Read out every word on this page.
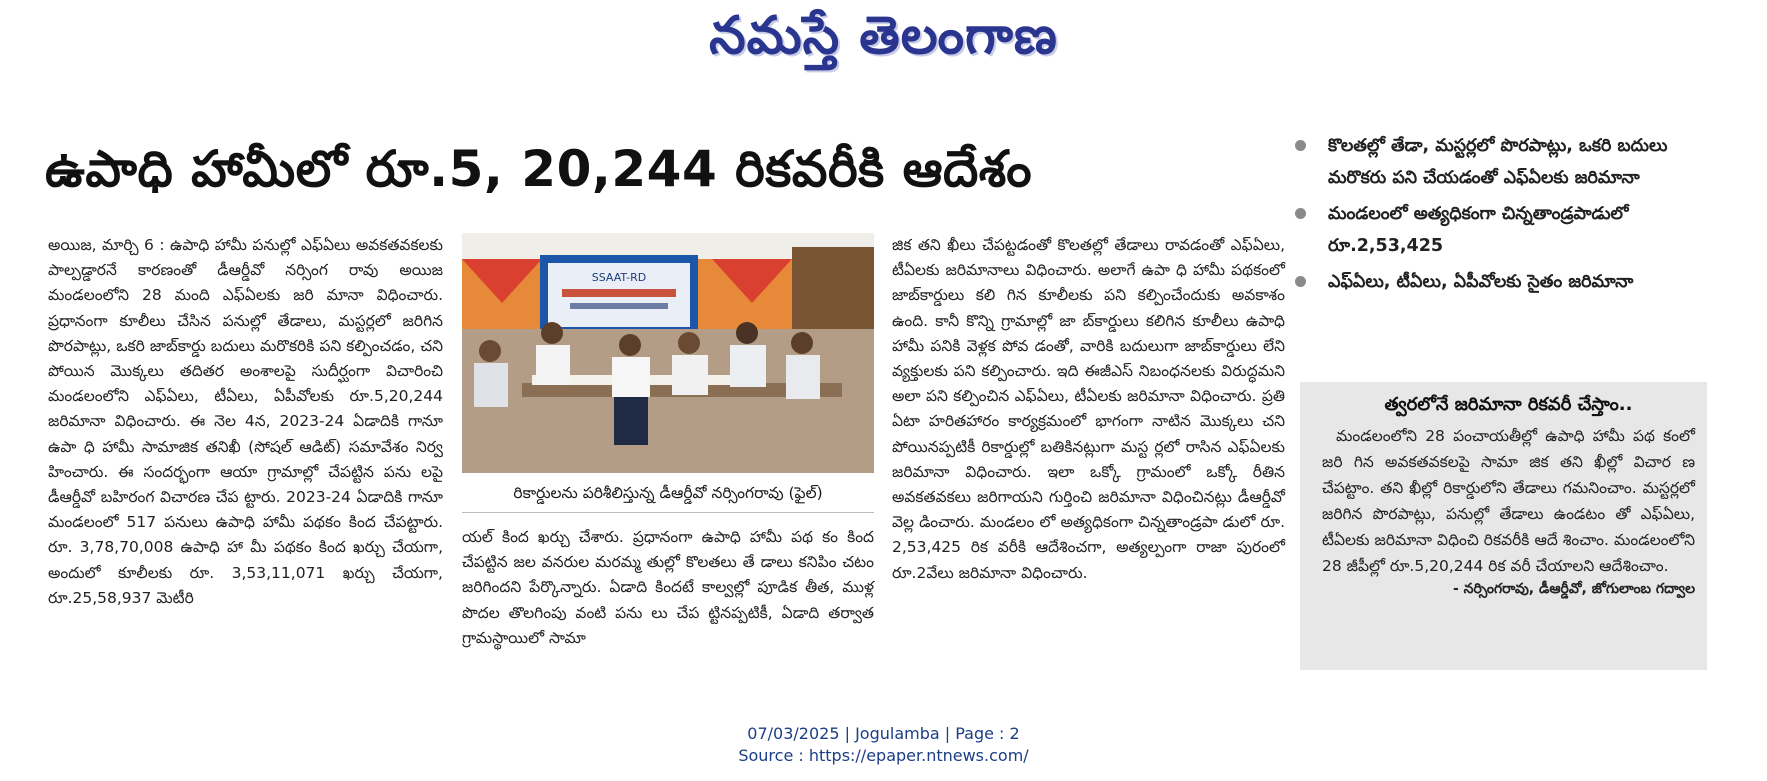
నమస్తే తెలంగాణ
ఉపాధి హామీలో రూ.5, 20,244 రికవరీకి ఆదేశం
అయిజ, మార్చి 6 : ఉపాధి హామీ పనుల్లో ఎఫ్ఏలు అవకతవకలకు పాల్పడ్డారనే కారణంతో డీఆర్డీవో నర్సింగ రావు అయిజ మండలంలోని 28 మంది ఎఫ్ఏలకు జరి మానా విధించారు. ప్రధానంగా కూలీలు చేసిన పనుల్లో తేడాలు, మస్టర్లలో జరిగిన పొరపాట్లు, ఒకరి జాబ్‌కార్డు బదులు మరొకరికి పని కల్పించడం, చని పోయిన మొక్కలు తదితర అంశాలపై సుదీర్ఘంగా విచారించి మండలంలోని ఎఫ్ఏలు, టీఏలు, ఏపీవోలకు రూ.5,20,244 జరిమానా విధించారు. ఈ నెల 4న, 2023-24 ఏడాదికి గానూ ఉపా ధి హామీ సామాజిక తనిఖీ (సోషల్ ఆడిట్) సమావేశం నిర్వ హించారు. ఈ సందర్భంగా ఆయా గ్రామాల్లో చేపట్టిన పను లపై డీఆర్డీవో బహిరంగ విచారణ చేప ట్టారు. 2023-24 ఏడాదికి గానూ మండలంలో 517 పనులు ఉపాధి హామీ పథకం కింద చేపట్టారు. రూ. 3,78,70,008 ఉపాధి హా మీ పథకం కింద ఖర్చు చేయగా, అందులో కూలీలకు రూ. 3,53,11,071 ఖర్చు చేయగా, రూ.25,58,937 మెటీరి
SSAAT-RD
రికార్డులను పరిశీలిస్తున్న డీఆర్డీవో నర్సింగరావు (ఫైల్)
యల్ కింద ఖర్చు చేశారు. ప్రధానంగా ఉపాధి హామీ పథ కం కింద చేపట్టిన జల వనరుల మరమ్మ తుల్లో కొలతలు తే డాలు కనిపిం చటం జరిగిందని పేర్కొన్నారు. ఏడాది కిందటే కాల్వల్లో పూడిక తీత, ముళ్ల పొదల తొలగింపు వంటి పను లు చేప ట్టినప్పటికీ, ఏడాది తర్వాత గ్రామస్థాయిలో సామా
జిక తని ఖీలు చేపట్టడంతో కొలతల్లో తేడాలు రావడంతో ఎఫ్ఏలు, టీఏలకు జరిమానాలు విధించారు. అలాగే ఉపా ధి హామీ పథకంలో జాబ్‌కార్డులు కలి గిన కూలీలకు పని కల్పించేందుకు అవకాశం ఉంది. కానీ కొన్ని గ్రామాల్లో జా బ్‌కార్డులు కలిగిన కూలీలు ఉపాధి హామీ పనికి వెళ్లక పోవ డంతో, వారికి బదులుగా జాబ్‌కార్డులు లేని వ్యక్తులకు పని కల్పించారు. ఇది ఈజీఎస్ నిబంధనలకు విరుద్ధమని అలా పని కల్పించిన ఎఫ్ఏలు, టీఏలకు జరిమానా విధించారు. ప్రతి ఏటా హరితహారం కార్యక్రమంలో భాగంగా నాటిన మొక్కలు చని పోయినప్పటికీ రికార్డుల్లో బతికినట్లుగా మస్ట ర్లలో రాసిన ఎఫ్ఏలకు జరిమానా విధించారు. ఇలా ఒక్కో గ్రామంలో ఒక్కో రీతిన అవకతవకలు జరిగాయని గుర్తించి జరిమానా విధించినట్లు డీఆర్డీవో వెల్ల డించారు. మండలం లో అత్యధికంగా చిన్నతాండ్రపా డులో రూ. 2,53,425 రిక వరీకి ఆదేశించగా, అత్యల్పంగా రాజా పురంలో రూ.2వేలు జరిమానా విధించారు.
కొలతల్లో తేడా, మస్టర్లలో పొరపాట్లు, ఒకరి బదులు మరొకరు పని చేయడంతో ఎఫ్ఏలకు జరిమానా
మండలంలో అత్యధికంగా చిన్నతాండ్రపాడులో రూ.2,53,425
ఎఫ్ఏలు, టీఏలు, ఏపీవోలకు సైతం జరిమానా
త్వరలోనే జరిమానా రికవరీ చేస్తాం..
మండలంలోని 28 పంచాయతీల్లో ఉపాధి హామీ పథ కంలో జరి గిన అవకతవకలపై సామా జిక తని ఖీల్లో విచార ణ చేపట్టాం. తని ఖీల్లో రికార్డులోని తేడాలు గమనించాం. మస్టర్లలో జరిగిన పొరపాట్లు, పనుల్లో తేడాలు ఉండటం తో ఎఫ్ఏలు, టీఏలకు జరిమానా విధించి రికవరీకి ఆదే శించాం. మండలంలోని 28 జీపీల్లో రూ.5,20,244 రిక వరీ చేయాలని ఆదేశించాం.
- నర్సింగరావు, డీఆర్డీవో, జోగులాంబ గద్వాల
07/03/2025 | Jogulamba | Page : 2
Source : https://epaper.ntnews.com/
